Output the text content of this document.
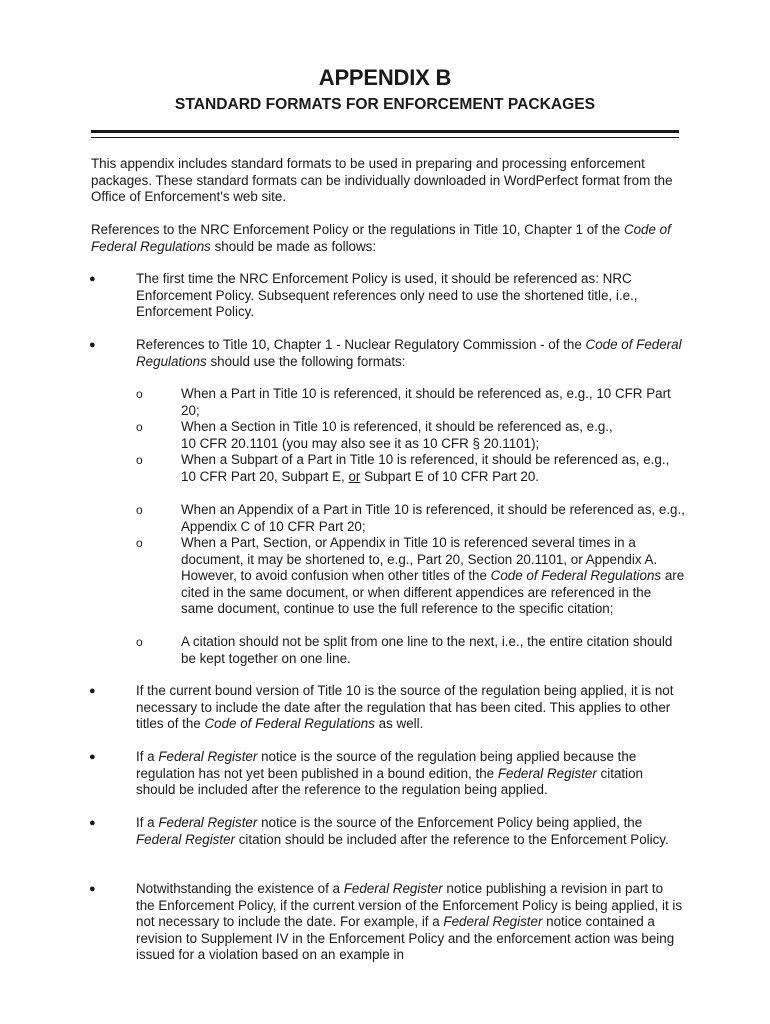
APPENDIX B
STANDARD FORMATS FOR ENFORCEMENT PACKAGES

This appendix includes standard formats to be used in preparing and processing enforcement packages. These standard formats can be individually downloaded in WordPerfect format from the Office of Enforcement's web site.

References to the NRC Enforcement Policy or the regulations in Title 10, Chapter 1 of the Code of Federal Regulations should be made as follows:

●	The first time the NRC Enforcement Policy is used, it should be referenced as: NRC Enforcement Policy. Subsequent references only need to use the shortened title, i.e., Enforcement Policy.

●	References to Title 10, Chapter 1 - Nuclear Regulatory Commission - of the Code of Federal Regulations should use the following formats:

o	When a Part in Title 10 is referenced, it should be referenced as, e.g., 10 CFR Part 20;

o	When a Section in Title 10 is referenced, it should be referenced as, e.g.,
10 CFR 20.1101 (you may also see it as 10 CFR § 20.1101);

o	When a Subpart of a Part in Title 10 is referenced, it should be referenced as, e.g.,
10 CFR Part 20, Subpart E, or Subpart E of 10 CFR Part 20.

o	When an Appendix of a Part in Title 10 is referenced, it should be referenced as, e.g., Appendix C of 10 CFR Part 20;

o	When a Part, Section, or Appendix in Title 10 is referenced several times in a document, it may be shortened to, e.g., Part 20, Section 20.1101, or Appendix A. However, to avoid confusion when other titles of the Code of Federal Regulations are cited in the same document, or when different appendices are referenced in the same document, continue to use the full reference to the specific citation;

o	A citation should not be split from one line to the next, i.e., the entire citation should be kept together on one line.

●	If the current bound version of Title 10 is the source of the regulation being applied, it is not necessary to include the date after the regulation that has been cited. This applies to other titles of the Code of Federal Regulations as well.

●	If a Federal Register notice is the source of the regulation being applied because the regulation has not yet been published in a bound edition, the Federal Register citation should be included after the reference to the regulation being applied.

●	If a Federal Register notice is the source of the Enforcement Policy being applied, the Federal Register citation should be included after the reference to the Enforcement Policy.

●	Notwithstanding the existence of a Federal Register notice publishing a revision in part to the Enforcement Policy, if the current version of the Enforcement Policy is being applied, it is not necessary to include the date. For example, if a Federal Register notice contained a revision to Supplement IV in the Enforcement Policy and the enforcement action was being issued for a violation based on an example in
